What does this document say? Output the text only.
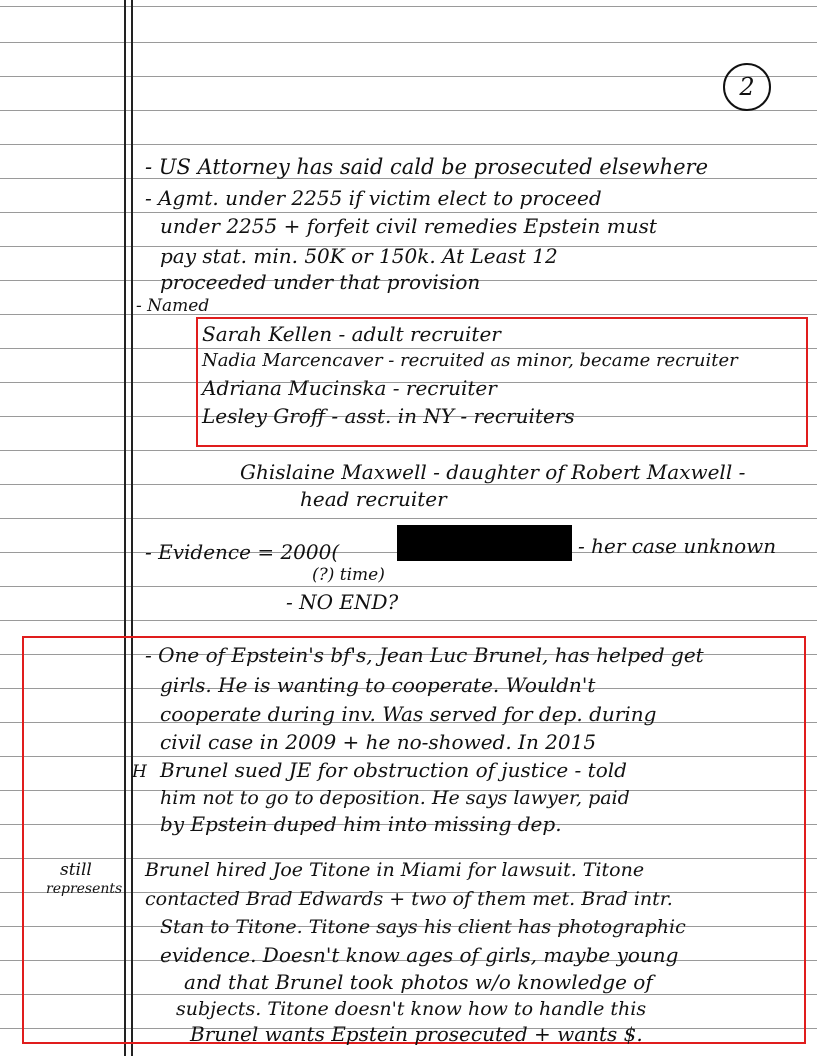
2
- US Attorney has said cald be prosecuted elsewhere
- Agmt. under 2255 if victim elect to proceed
under 2255 + forfeit civil remedies Epstein must
pay stat. min. 50K or 150k. At Least 12
proceeded under that provision
- Named
Sarah Kellen - adult recruiter
Nadia Marcencaver - recruited as minor, became recruiter
Adriana Mucinska - recruiter
Lesley Groff - asst. in NY - recruiters
Ghislaine Maxwell - daughter of Robert Maxwell -
head recruiter
- Evidence = 2000(	- her case unknown
(?) time)
- NO END?
- One of Epstein's bf's, Jean Luc Brunel, has helped get
girls. He is wanting to cooperate. Wouldn't
cooperate during inv. Was served for dep. during
civil case in 2009 + he no-showed. In 2015
H Brunel sued JE for obstruction of justice - told
him not to go to deposition. He says lawyer, paid
by Epstein duped him into missing dep.
still
represents
Brunel hired Joe Titone in Miami for lawsuit. Titone
contacted Brad Edwards + two of them met. Brad intr.
Stan to Titone. Titone says his client has photographic
evidence. Doesn't know ages of girls, maybe young
and that Brunel took photos w/o knowledge of
subjects. Titone doesn't know how to handle this
Brunel wants Epstein prosecuted + wants $.
